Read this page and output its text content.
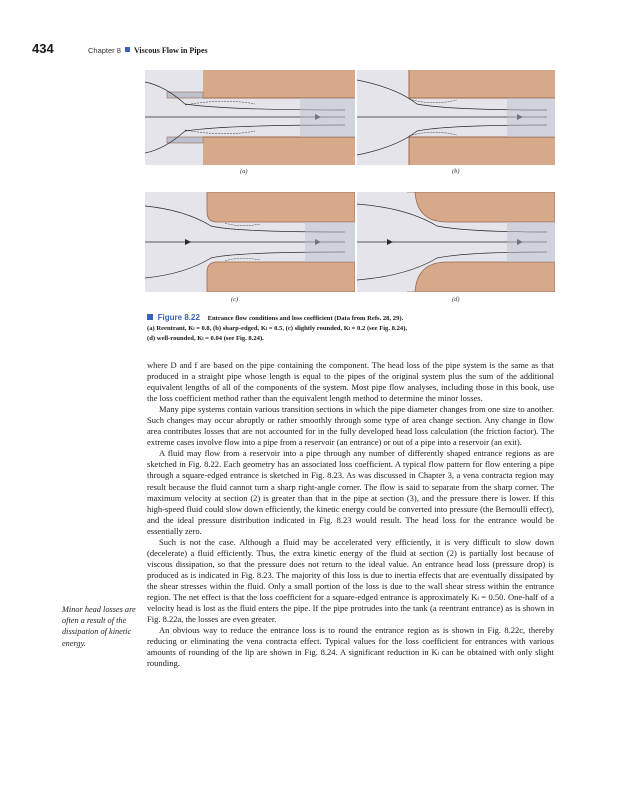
434	Chapter 8 Viscous Flow in Pipes
(a)	(b)
(c)	(d)
Figure 8.22 Entrance flow conditions and loss coefficient (Data from Refs. 28, 29).
(a) Reentrant, Kₗ = 0.8, (b) sharp-edged, Kₗ = 0.5, (c) slightly rounded, Kₗ = 0.2 (see Fig. 8.24),
(d) well-rounded, Kₗ = 0.04 (see Fig. 8.24).

where D and f are based on the pipe containing the component. The head loss of the pipe system is the same as that produced in a straight pipe whose length is equal to the pipes of the original system plus the sum of the additional equivalent lengths of all of the components of the system. Most pipe flow analyses, including those in this book, use the loss coefficient method rather than the equivalent length method to determine the minor losses.

Many pipe systems contain various transition sections in which the pipe diameter changes from one size to another. Such changes may occur abruptly or rather smoothly through some type of area change section. Any change in flow area contributes losses that are not accounted for in the fully developed head loss calculation (the friction factor). The extreme cases involve flow into a pipe from a reservoir (an entrance) or out of a pipe into a reservoir (an exit).

A fluid may flow from a reservoir into a pipe through any number of differently shaped entrance regions as are sketched in Fig. 8.22. Each geometry has an associated loss coefficient. A typical flow pattern for flow entering a pipe through a square-edged entrance is sketched in Fig. 8.23. As was discussed in Chapter 3, a vena contracta region may result because the fluid cannot turn a sharp right-angle corner. The flow is said to separate from the sharp corner. The maximum velocity at section (2) is greater than that in the pipe at section (3), and the pressure there is lower. If this high-speed fluid could slow down efficiently, the kinetic energy could be converted into pressure (the Bernoulli effect), and the ideal pressure distribution indicated in Fig. 8.23 would result. The head loss for the entrance would be essentially zero.

Such is not the case. Although a fluid may be accelerated very efficiently, it is very difficult to slow down (decelerate) a fluid efficiently. Thus, the extra kinetic energy of the fluid at section (2) is partially lost because of viscous dissipation, so that the pressure does not return to the ideal value. An entrance head loss (pressure drop) is produced as is indicated in Fig. 8.23. The majority of this loss is due to inertia effects that are eventually dissipated by the shear stresses within the fluid. Only a small portion of the loss is due to the wall shear stress within the entrance region. The net effect is that the loss coefficient for a square-edged entrance is approximately Kₗ = 0.50. One-half of a velocity head is lost as the fluid enters the pipe. If the pipe protrudes into the tank (a reentrant entrance) as is shown in Fig. 8.22a, the losses are even greater.

An obvious way to reduce the entrance loss is to round the entrance region as is shown in Fig. 8.22c, thereby reducing or eliminating the vena contracta effect. Typical values for the loss coefficient for entrances with various amounts of rounding of the lip are shown in Fig. 8.24. A significant reduction in Kₗ can be obtained with only slight rounding.

Minor head losses are often a result of the dissipation of kinetic energy.
